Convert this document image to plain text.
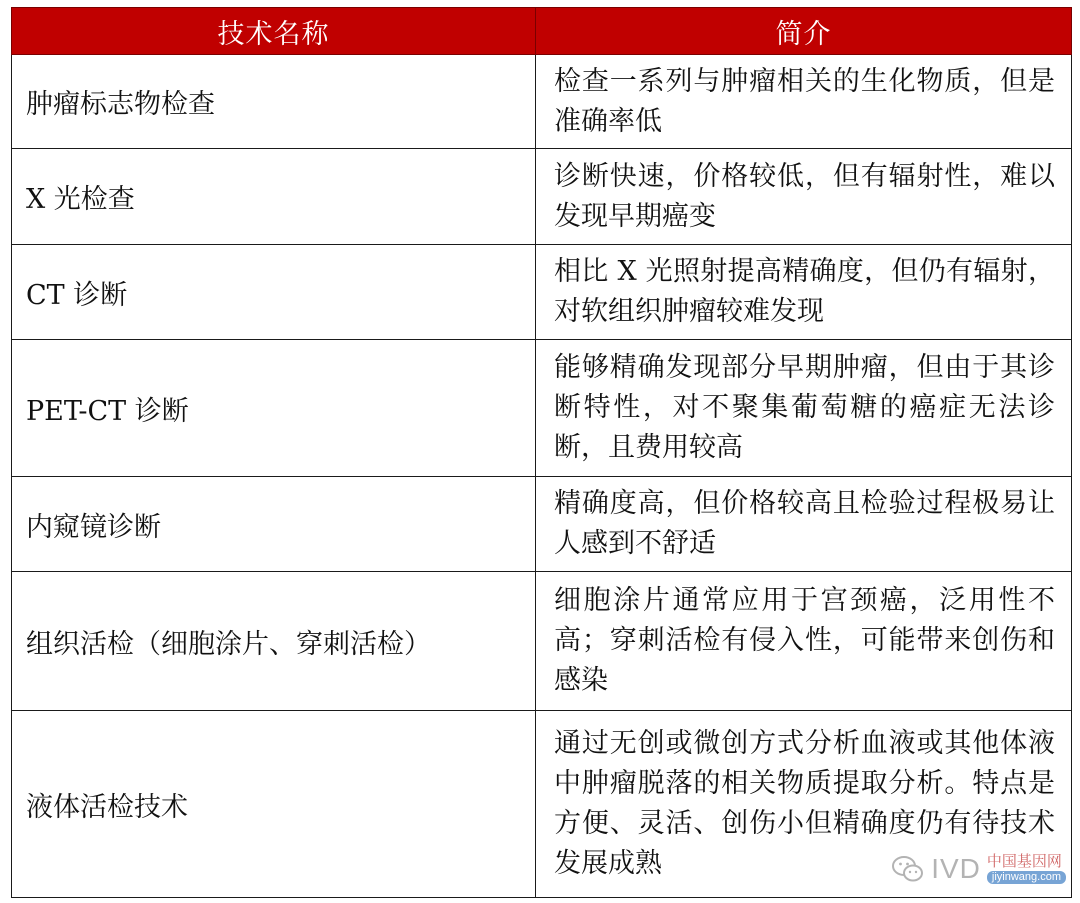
技术名称	简介
肿瘤标志物检查	检查一系列与肿瘤相关的生化物质，但是准确率低
X 光检查	诊断快速，价格较低，但有辐射性，难以发现早期癌变
CT 诊断	相比 X 光照射提高精确度，但仍有辐射，对软组织肿瘤较难发现
PET-CT 诊断	能够精确发现部分早期肿瘤，但由于其诊断特性，对不聚集葡萄糖的癌症无法诊断，且费用较高
内窥镜诊断	精确度高，但价格较高且检验过程极易让人感到不舒适
组织活检（细胞涂片、穿刺活检）	细胞涂片通常应用于宫颈癌，泛用性不高；穿刺活检有侵入性，可能带来创伤和感染
液体活检技术	通过无创或微创方式分析血液或其他体液中肿瘤脱落的相关物质提取分析。特点是方便、灵活、创伤小但精确度仍有待技术发展成熟	IVD 中国基因网
jiyinwang.com
